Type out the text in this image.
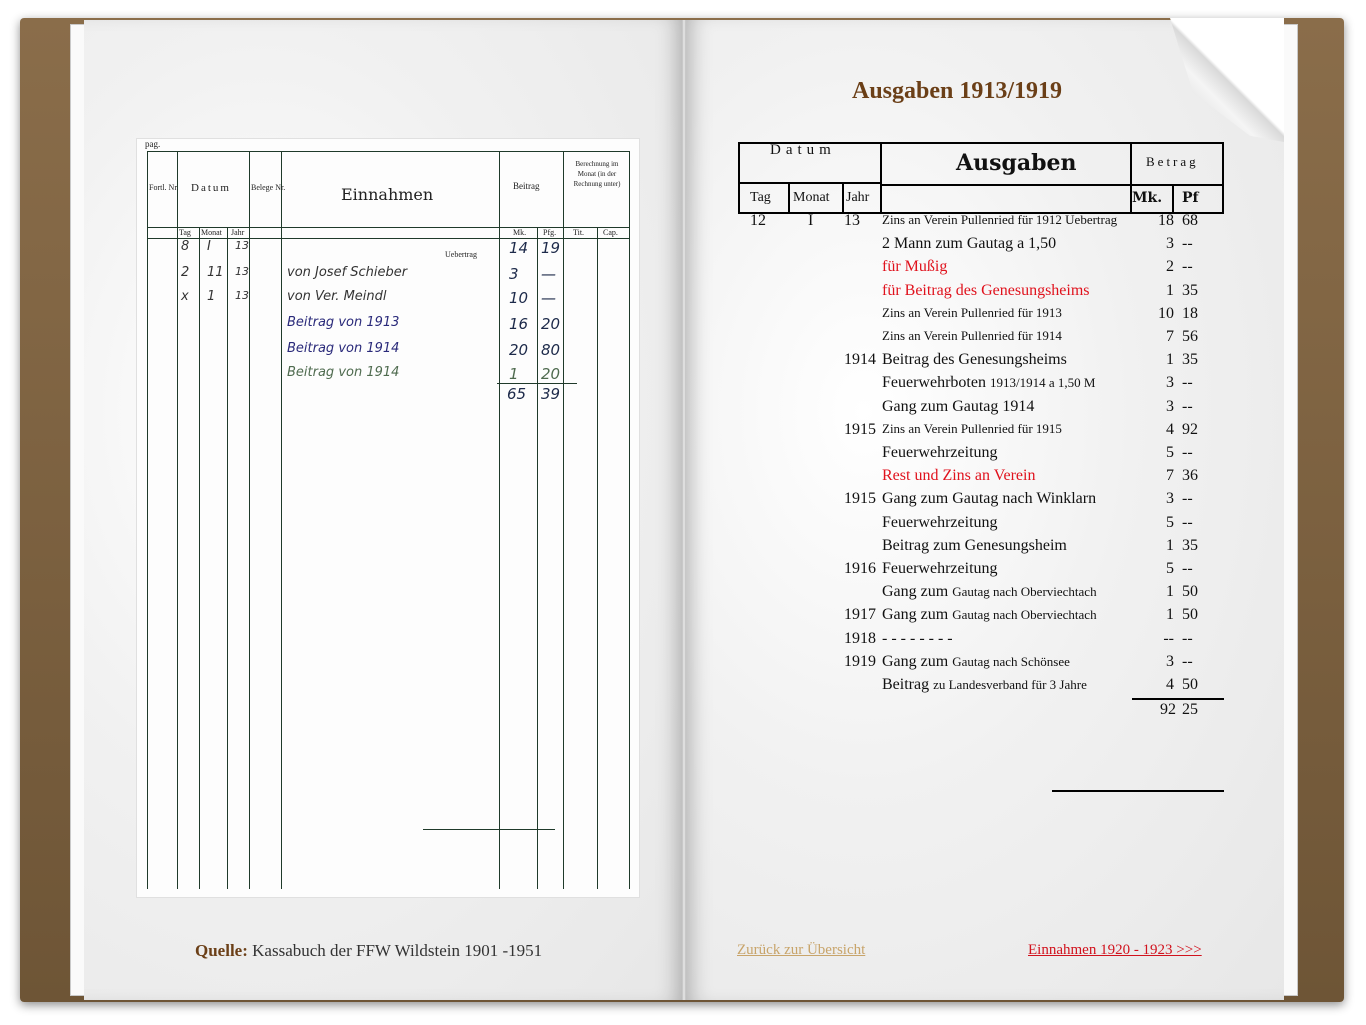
pag.
Fortl. Nr. Datum	Belege Nr.	Einnahmen	Beitrag
Berechnung im Monat (in der Rechnung unter)
Tag Monat Jahr	Mk. Pfg. Tit. Cap.
Uebertrag
8 I 13	14 19
2 11 13	von Josef Schieber	3 —
x 1 13	von Ver. Meindl	10 —
Beitrag von 1913	16 20
Beitrag von 1914	20 80
Beitrag von 1914	1 20
65 39
Ausgaben 1913/1919
Datum	Ausgaben	Betrag
Tag Monat Jahr	Mk. Pf
12	I	13	Zins an Verein Pullenried für 1912 Uebertrag	18 68
2 Mann zum Gautag a 1,50	3 --
für Mußig	2 --
für Beitrag des Genesungsheims	1 35
Zins an Verein Pullenried für 1913	10 18
Zins an Verein Pullenried für 1914	7 56
1914 Beitrag des Genesungsheims	1 35
Feuerwehrboten 1913/1914 a 1,50 M	3 --
Gang zum Gautag 1914	3 --
1915 Zins an Verein Pullenried für 1915	4 92
Feuerwehrzeitung	5 --
Rest und Zins an Verein	7 36
1915 Gang zum Gautag nach Winklarn	3 --
Feuerwehrzeitung	5 --
Beitrag zum Genesungsheim	1 35
1916 Feuerwehrzeitung	5 --
Gang zum Gautag nach Oberviechtach	1 50
1917 Gang zum Gautag nach Oberviechtach	1 50
1918 - - - - - - - -	-- --
1919 Gang zum Gautag nach Schönsee	3 --
Beitrag zu Landesverband für 3 Jahre	4 50
92 25
Quelle: Kassabuch der FFW Wildstein 1901 -1951	Zurück zur Übersicht	Einnahmen 1920 - 1923 >>>
